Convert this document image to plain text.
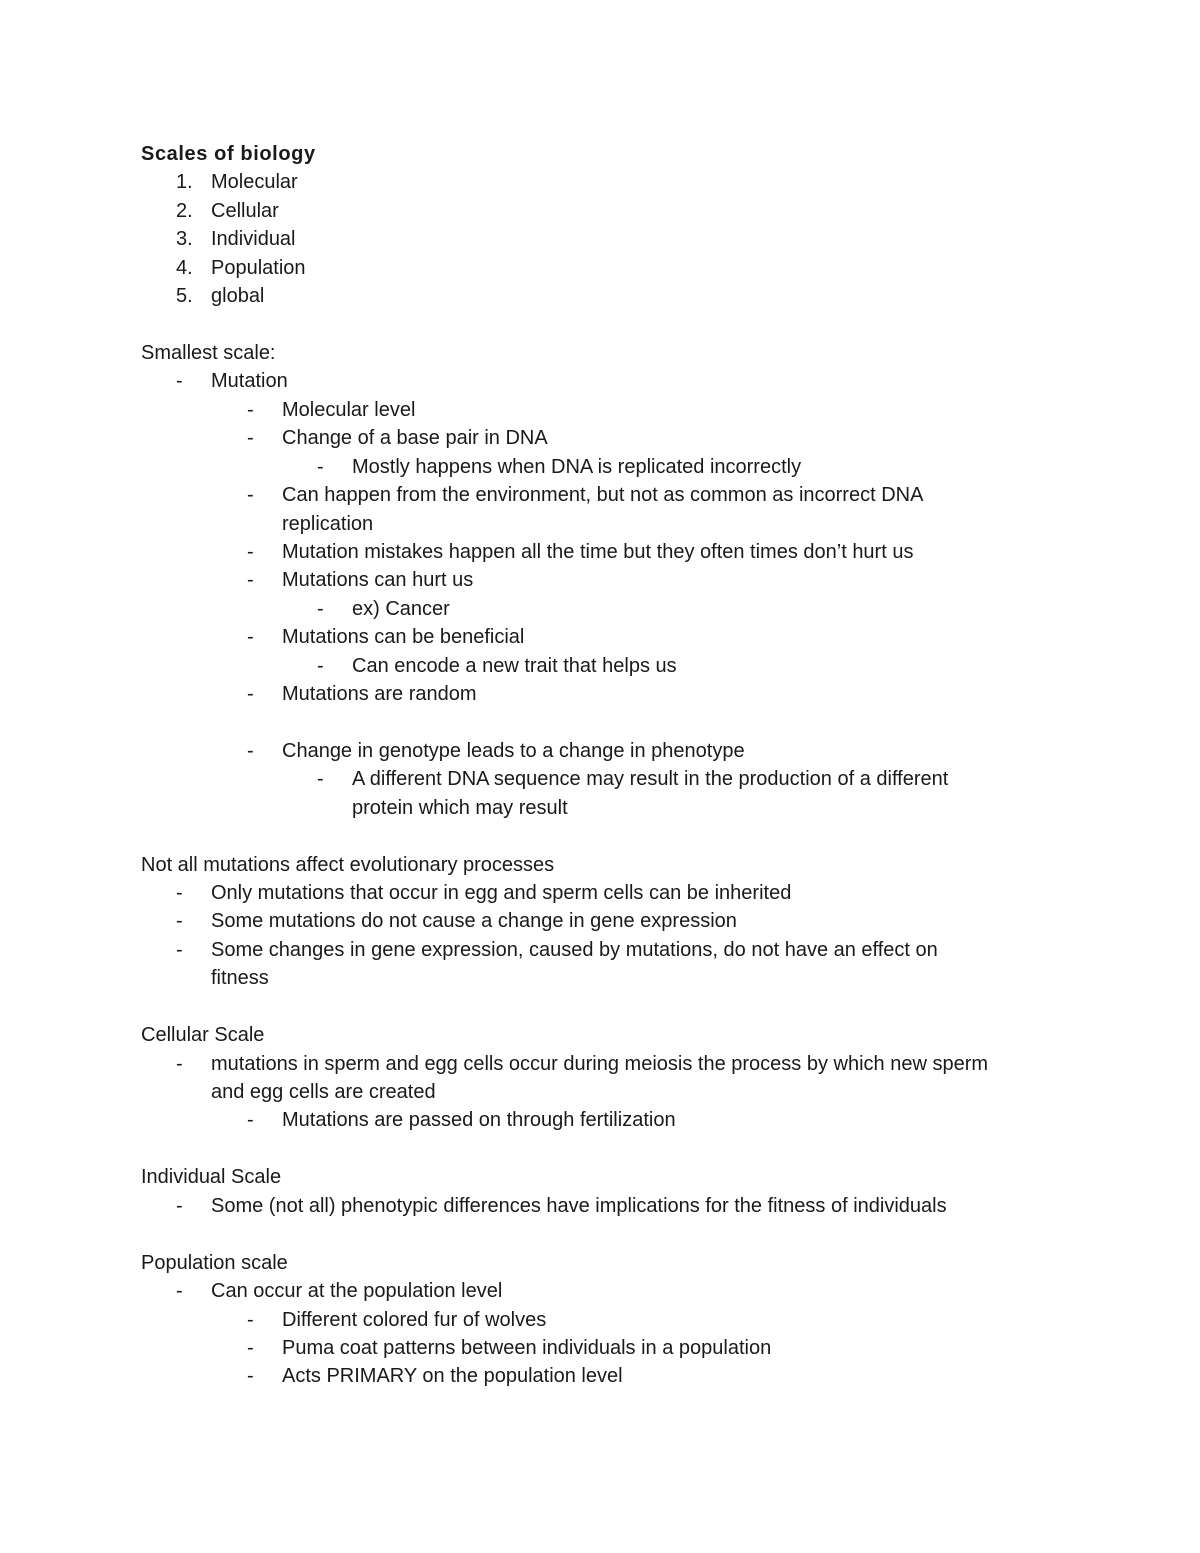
Scales of biology
1. Molecular
2. Cellular
3. Individual
4. Population
5. global
Smallest scale:
- Mutation
- Molecular level
- Change of a base pair in DNA
- Mostly happens when DNA is replicated incorrectly
- Can happen from the environment, but not as common as incorrect DNA
replication
- Mutation mistakes happen all the time but they often times don’t hurt us
- Mutations can hurt us
- ex) Cancer
- Mutations can be beneficial
- Can encode a new trait that helps us
- Mutations are random
- Change in genotype leads to a change in phenotype
- A different DNA sequence may result in the production of a different
protein which may result
Not all mutations affect evolutionary processes
- Only mutations that occur in egg and sperm cells can be inherited
- Some mutations do not cause a change in gene expression
- Some changes in gene expression, caused by mutations, do not have an effect on
fitness
Cellular Scale
- mutations in sperm and egg cells occur during meiosis the process by which new sperm
and egg cells are created
- Mutations are passed on through fertilization
Individual Scale
- Some (not all) phenotypic differences have implications for the fitness of individuals
Population scale
- Can occur at the population level
- Different colored fur of wolves
- Puma coat patterns between individuals in a population
- Acts PRIMARY on the population level
